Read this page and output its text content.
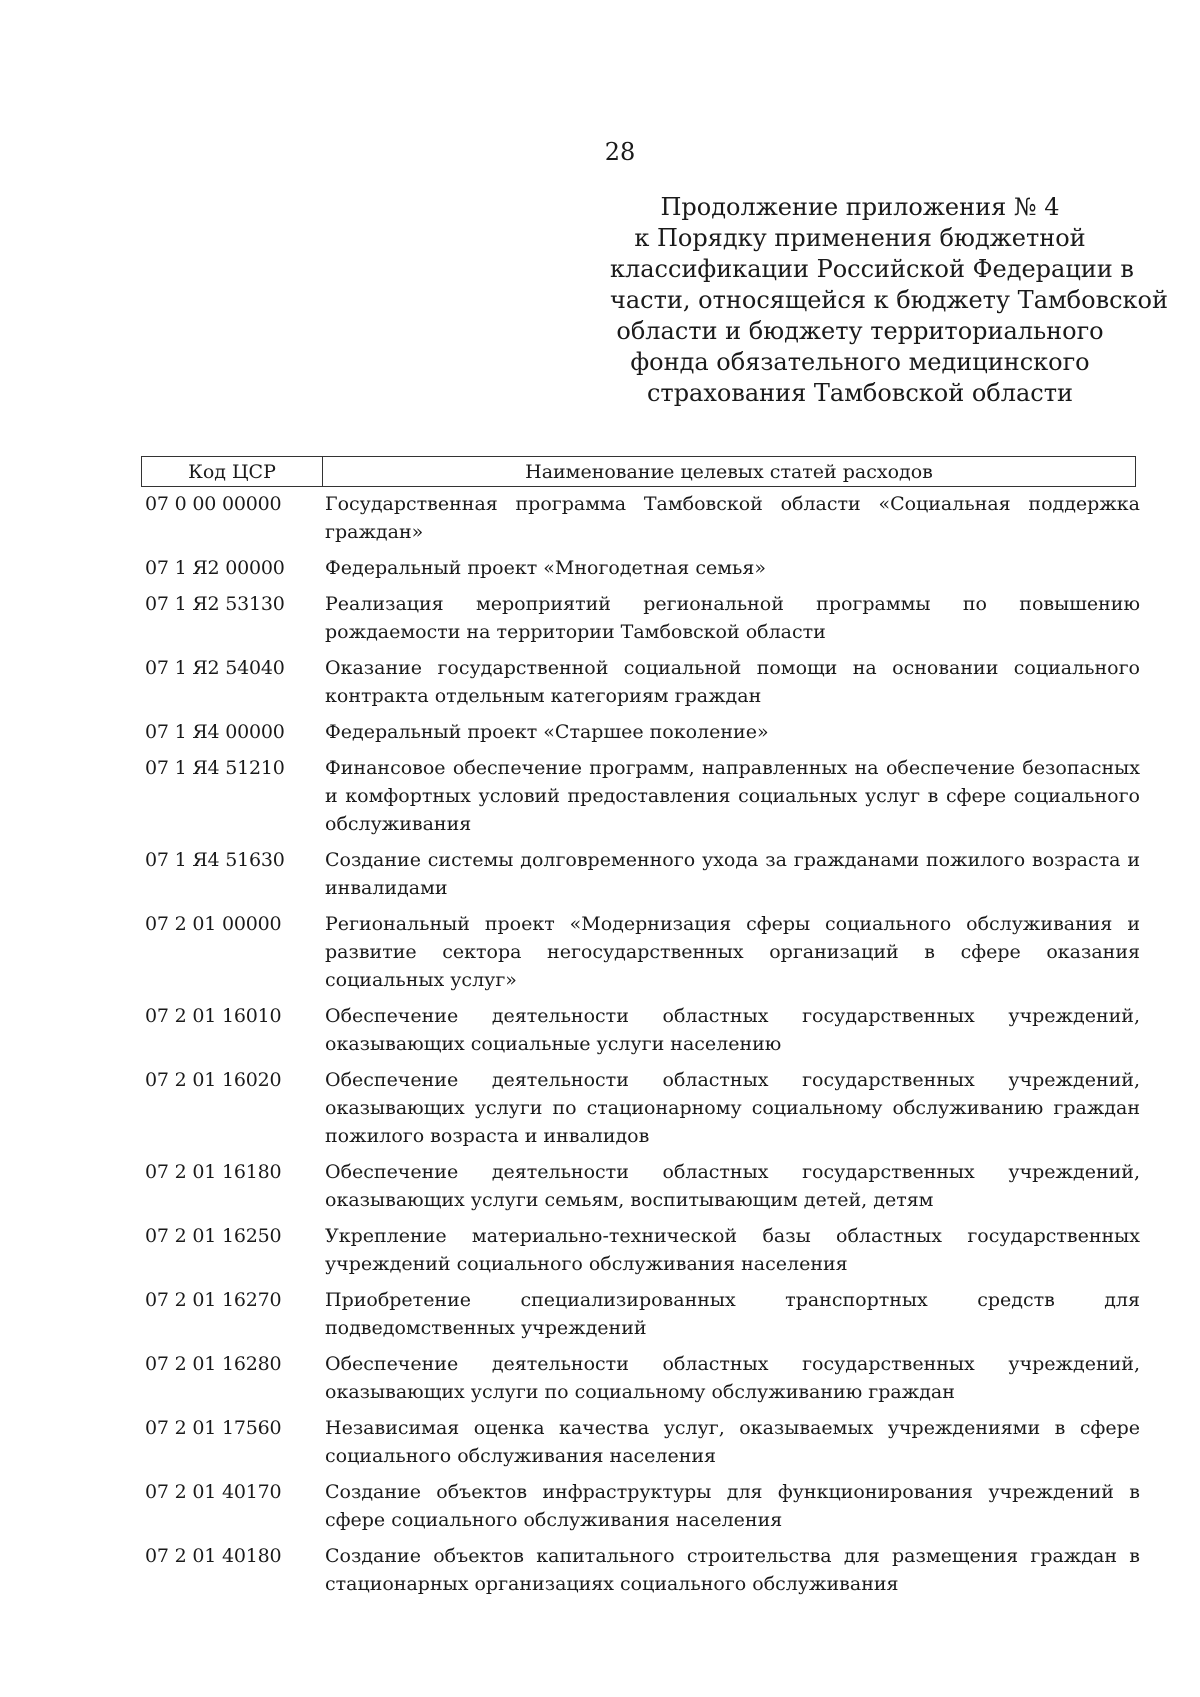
28
Продолжение приложения № 4
к Порядку применения бюджетной
классификации Российской Федерации в
части, относящейся к бюджету Тамбовской
области и бюджету территориального
фонда обязательного медицинского
страхования Тамбовской области
Код ЦСР	Наименование целевых статей расходов
07 0 00 00000	Государственная программа Тамбовской области «Социальная поддержка граждан»
07 1 Я2 00000	Федеральный проект «Многодетная семья»
07 1 Я2 53130	Реализация мероприятий региональной программы по повышению рождаемости на территории Тамбовской области
07 1 Я2 54040	Оказание государственной социальной помощи на основании социального контракта отдельным категориям граждан
07 1 Я4 00000	Федеральный проект «Старшее поколение»
07 1 Я4 51210	Финансовое обеспечение программ, направленных на обеспечение безопасных и комфортных условий предоставления социальных услуг в сфере социального обслуживания
07 1 Я4 51630	Создание системы долговременного ухода за гражданами пожилого возраста и инвалидами
07 2 01 00000	Региональный проект «Модернизация сферы социального обслуживания и развитие сектора негосударственных организаций в сфере оказания социальных услуг»
07 2 01 16010	Обеспечение деятельности областных государственных учреждений, оказывающих социальные услуги населению
07 2 01 16020	Обеспечение деятельности областных государственных учреждений, оказывающих услуги по стационарному социальному обслуживанию граждан пожилого возраста и инвалидов
07 2 01 16180	Обеспечение деятельности областных государственных учреждений, оказывающих услуги семьям, воспитывающим детей, детям
07 2 01 16250	Укрепление материально-технической базы областных государственных учреждений социального обслуживания населения
07 2 01 16270	Приобретение специализированных транспортных средств для подведомственных учреждений
07 2 01 16280	Обеспечение деятельности областных государственных учреждений, оказывающих услуги по социальному обслуживанию граждан
07 2 01 17560	Независимая оценка качества услуг, оказываемых учреждениями в сфере социального обслуживания населения
07 2 01 40170	Создание объектов инфраструктуры для функционирования учреждений в сфере социального обслуживания населения
07 2 01 40180	Создание объектов капитального строительства для размещения граждан в стационарных организациях социального обслуживания
